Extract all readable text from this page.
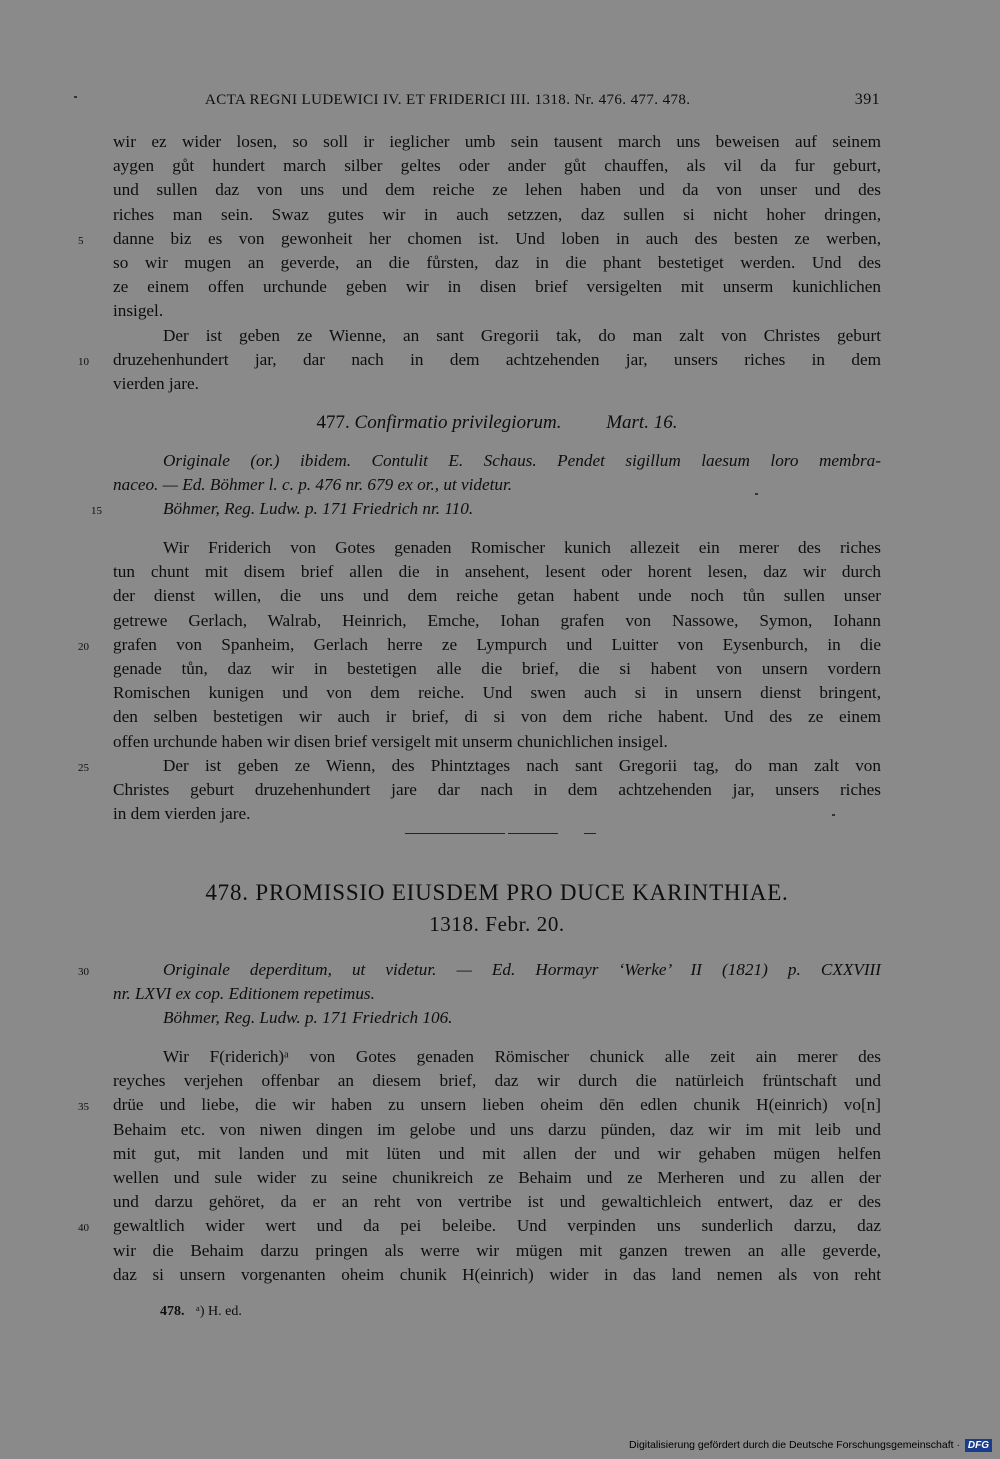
ACTA REGNI LUDEWICI IV. ET FRIDERICI III. 1318. Nr. 476. 477. 478.	391
wir ez wider losen, so soll ir ieglicher umb sein tausent march uns beweisen auf seinem
aygen gůt hundert march silber geltes oder ander gůt chauffen, als vil da fur geburt,
und sullen daz von uns und dem reiche ze lehen haben und da von unser und des
riches man sein. Swaz gutes wir in auch setzzen, daz sullen si nicht hoher dringen,
5	danne biz es von gewonheit her chomen ist. Und loben in auch des besten ze werben,
so wir mugen an geverde, an die fůrsten, daz in die phant bestetiget werden. Und des
ze einem offen urchunde geben wir in disen brief versigelten mit unserm kunichlichen
insigel.
Der ist geben ze Wienne, an sant Gregorii tak, do man zalt von Christes geburt
10	druzehenhundert jar, dar nach in dem achtzehenden jar, unsers riches in dem
vierden jare.
477. Confirmatio privilegiorum. Mart. 16.
Originale (or.) ibidem. Contulit E. Schaus. Pendet sigillum laesum loro membra-
naceo. — Ed. Böhmer l. c. p. 476 nr. 679 ex or., ut videtur.
15	Böhmer, Reg. Ludw. p. 171 Friedrich nr. 110.
Wir Friderich von Gotes genaden Romischer kunich allezeit ein merer des riches
tun chunt mit disem brief allen die in ansehent, lesent oder horent lesen, daz wir durch
der dienst willen, die uns und dem reiche getan habent unde noch tůn sullen unser
getrewe Gerlach, Walrab, Heinrich, Emche, Iohan grafen von Nassowe, Symon, Iohann
20	grafen von Spanheim, Gerlach herre ze Lympurch und Luitter von Eysenburch, in die
genade tůn, daz wir in bestetigen alle die brief, die si habent von unsern vordern
Romischen kunigen und von dem reiche. Und swen auch si in unsern dienst bringent,
den selben bestetigen wir auch ir brief, di si von dem riche habent. Und des ze einem
offen urchunde haben wir disen brief versigelt mit unserm chunichlichen insigel.
25	Der ist geben ze Wienn, des Phintztages nach sant Gregorii tag, do man zalt von
Christes geburt druzehenhundert jare dar nach in dem achtzehenden jar, unsers riches
in dem vierden jare.
478. PROMISSIO EIUSDEM PRO DUCE KARINTHIAE.
1318. Febr. 20.
30	Originale deperditum, ut videtur. — Ed. Hormayr ‘Werke’ II (1821) p. CXXVIII
nr. LXVI ex cop. Editionem repetimus.
Böhmer, Reg. Ludw. p. 171 Friedrich 106.
Wir F(riderich)ᵃ von Gotes genaden Römischer chunick alle zeit ain merer des
reyches verjehen offenbar an diesem brief, daz wir durch die natürleich früntschaft und
35	drüe und liebe, die wir haben zu unsern lieben oheim dēn edlen chunik H(einrich) vo[n]
Behaim etc. von niwen dingen im gelobe und uns darzu pünden, daz wir im mit leib und
mit gut, mit landen und mit lüten und mit allen der und wir gehaben mügen helfen
wellen und sule wider zu seine chunikreich ze Behaim und ze Merheren und zu allen der
und darzu gehöret, da er an reht von vertribe ist und gewaltichleich entwert, daz er des
40	gewaltlich wider wert und da pei beleibe. Und verpinden uns sunderlich darzu, daz
wir die Behaim darzu pringen als werre wir mügen mit ganzen trewen an alle geverde,
daz si unsern vorgenanten oheim chunik H(einrich) wider in das land nemen als von reht
478. ᵃ) H. ed.
Digitalisierung gefördert durch die Deutsche Forschungsgemeinschaft · DFG
